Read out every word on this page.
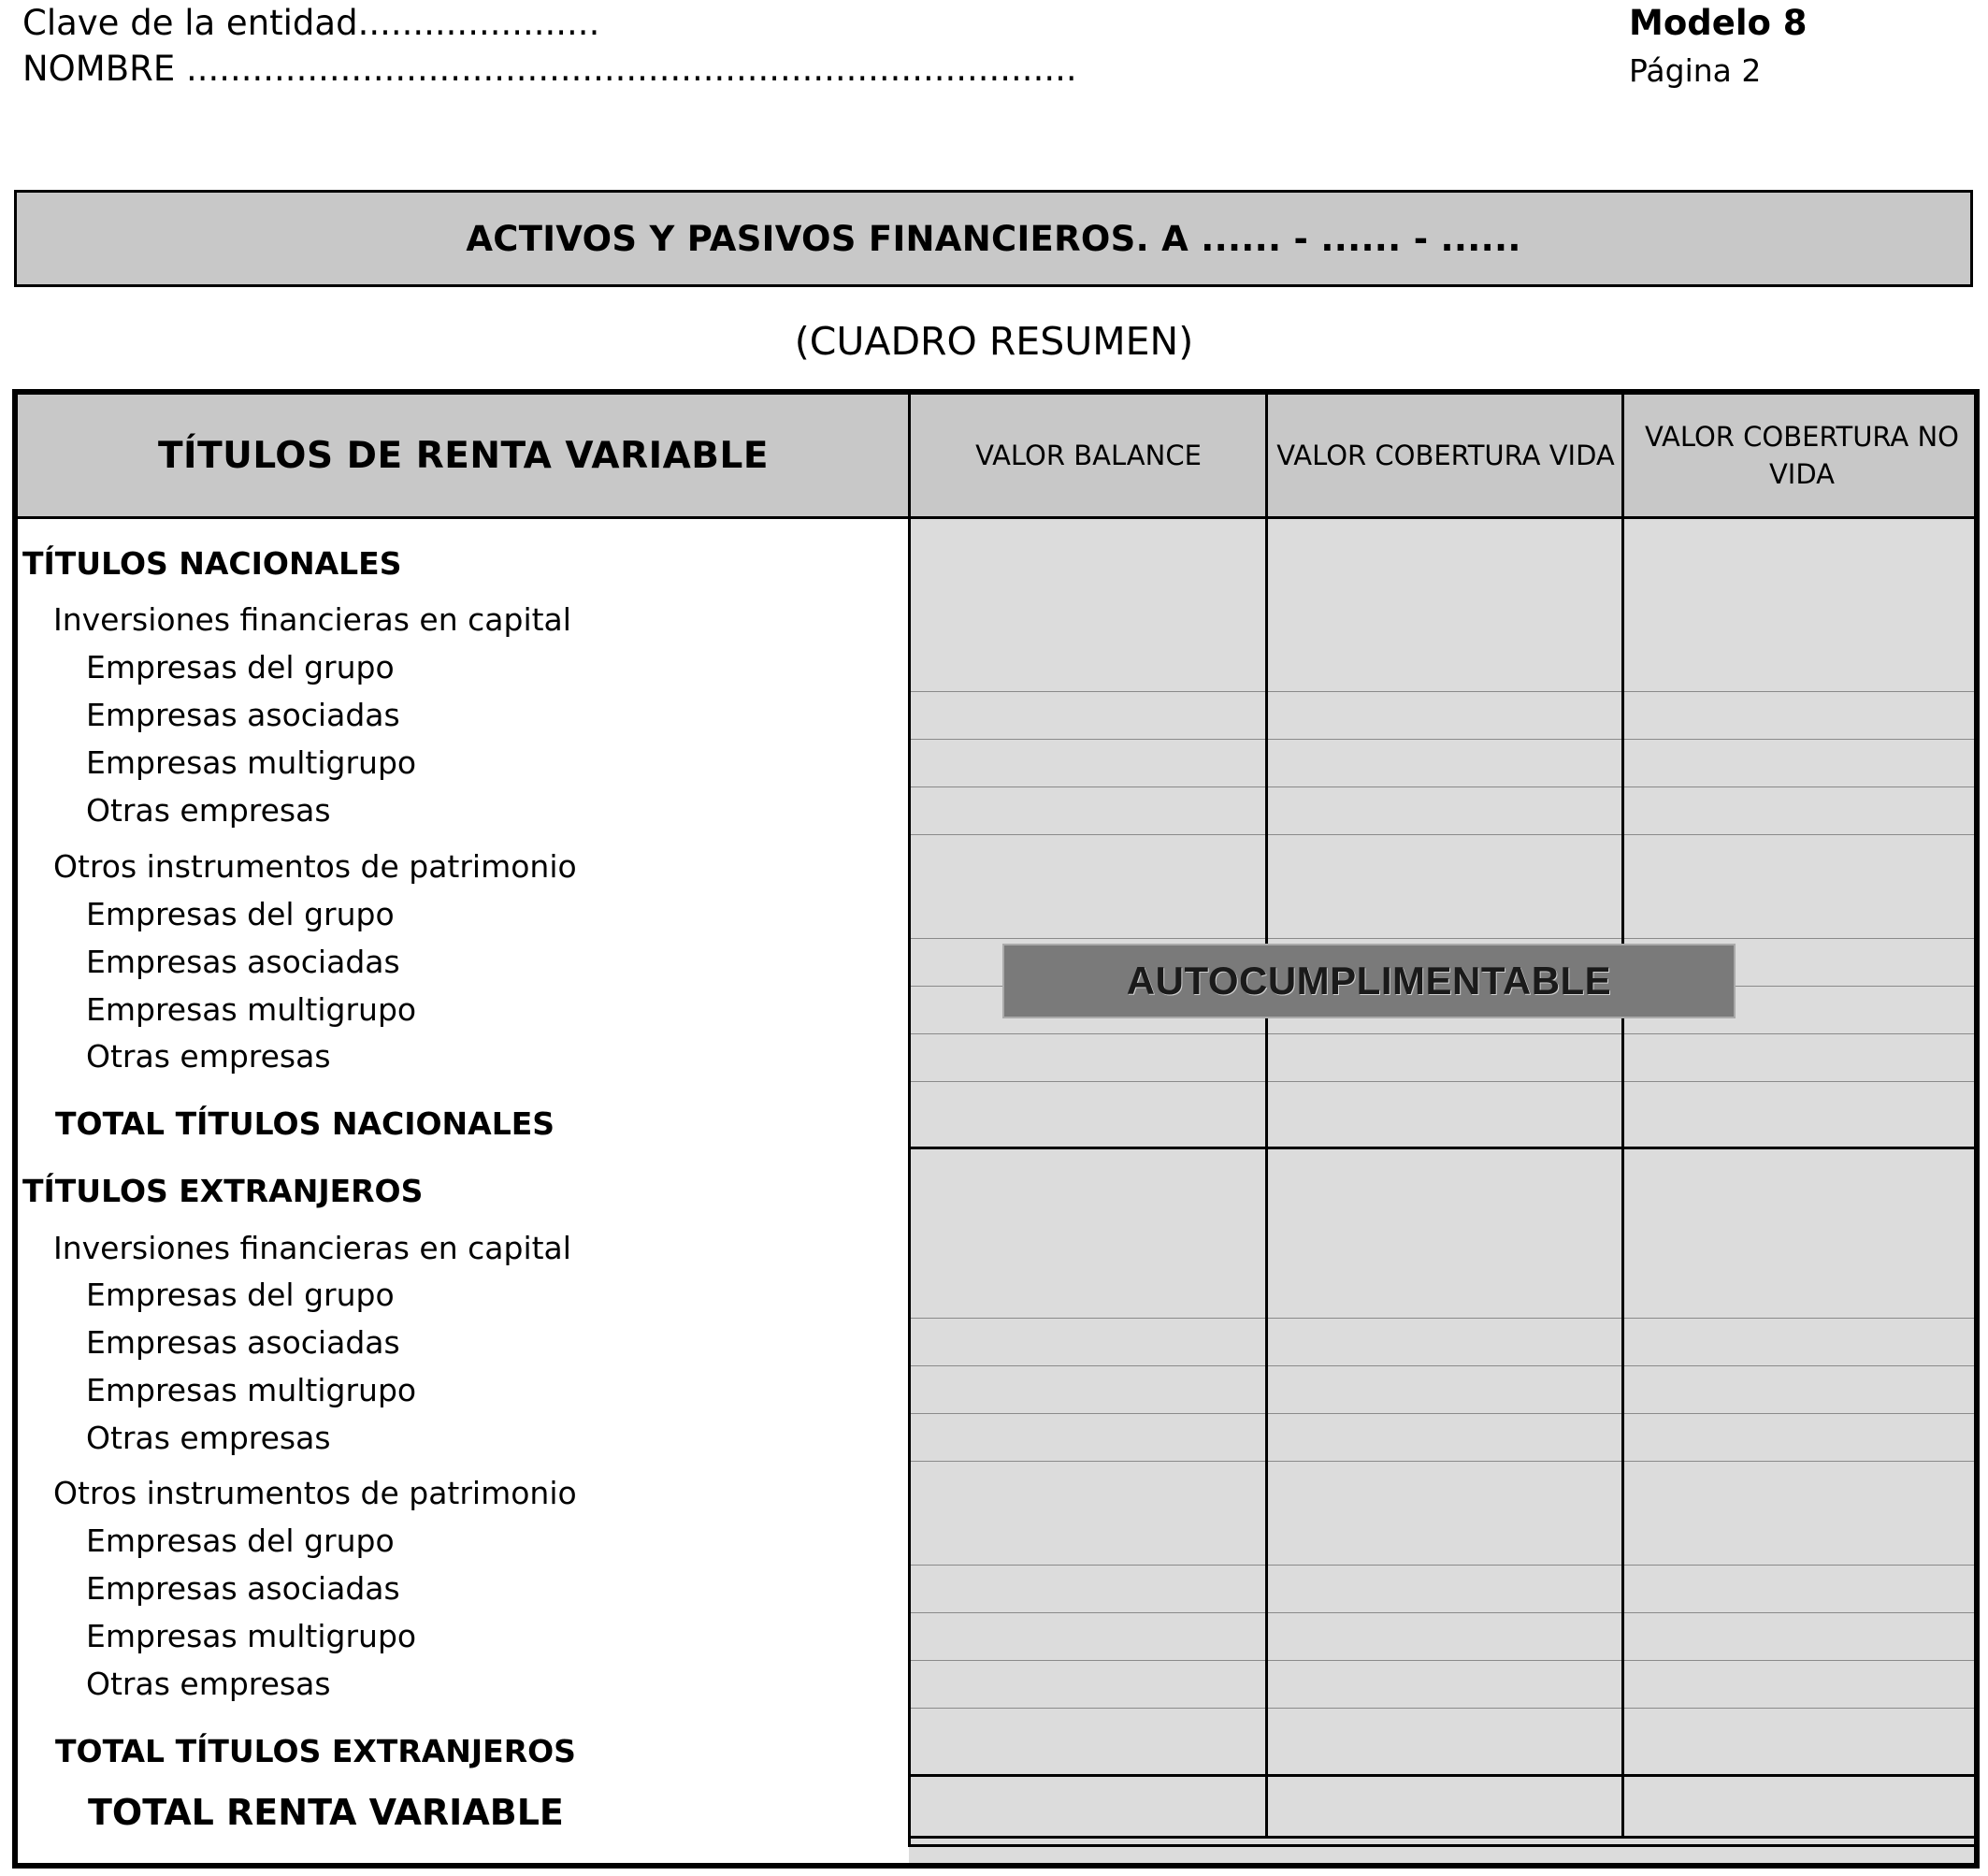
Clave de la entidad......................
NOMBRE .................................................................................
Modelo 8
Página 2
ACTIVOS Y PASIVOS FINANCIEROS. A ...... - ...... - ......
(CUADRO RESUMEN)
TÍTULOS DE RENTA VARIABLE	VALOR BALANCE	VALOR COBERTURA VIDA
VALOR COBERTURA NO VIDA
TÍTULOS NACIONALES
Inversiones financieras en capital
Empresas del grupo
Empresas asociadas
Empresas multigrupo
Otras empresas
Otros instrumentos de patrimonio
Empresas del grupo
Empresas asociadas
Empresas multigrupo
Otras empresas
TOTAL TÍTULOS NACIONALES
TÍTULOS EXTRANJEROS
Inversiones financieras en capital
Empresas del grupo
Empresas asociadas
Empresas multigrupo
Otras empresas
Otros instrumentos de patrimonio
Empresas del grupo
Empresas asociadas
Empresas multigrupo
Otras empresas
TOTAL TÍTULOS EXTRANJEROS
TOTAL RENTA VARIABLE
AUTOCUMPLIMENTABLE
